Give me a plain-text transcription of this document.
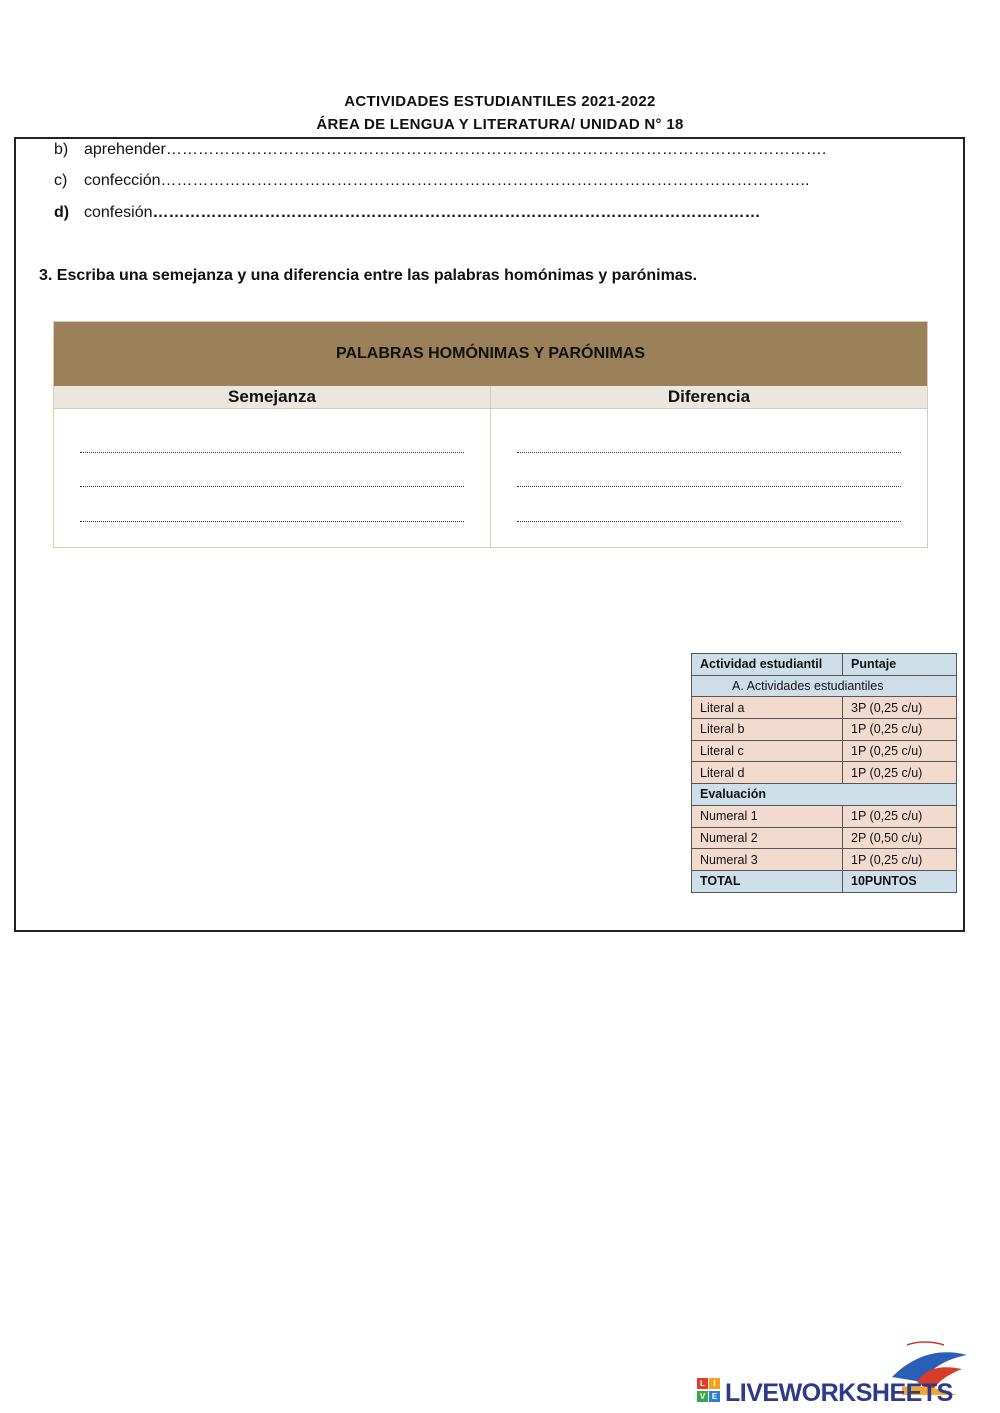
ACTIVIDADES ESTUDIANTILES 2021-2022
ÁREA DE LENGUA Y LITERATURA/ UNIDAD N° 18
b) aprehender…………………………………………………………………………………………………………….
c) confección…………………………………………………………………………………………………………..
d) confesión……………………………………………………………………………………………………
3. Escriba una semejanza y una diferencia entre las palabras homónimas y parónimas.
PALABRAS HOMÓNIMAS Y PARÓNIMAS
Semejanza	Diferencia
Actividad estudiantil	Puntaje
A. Actividades estudiantiles	
Literal a	3P (0,25 c/u)
Literal b	1P (0,25 c/u)
Literal c	1P (0,25 c/u)
Literal d	1P (0,25 c/u)
Evaluación	
Numeral 1	1P (0,25 c/u)
Numeral 2	2P (0,50 c/u)
Numeral 3	1P (0,25 c/u)
TOTAL	10PUNTOS
L	I
V E LIVEWORKSHEETS
